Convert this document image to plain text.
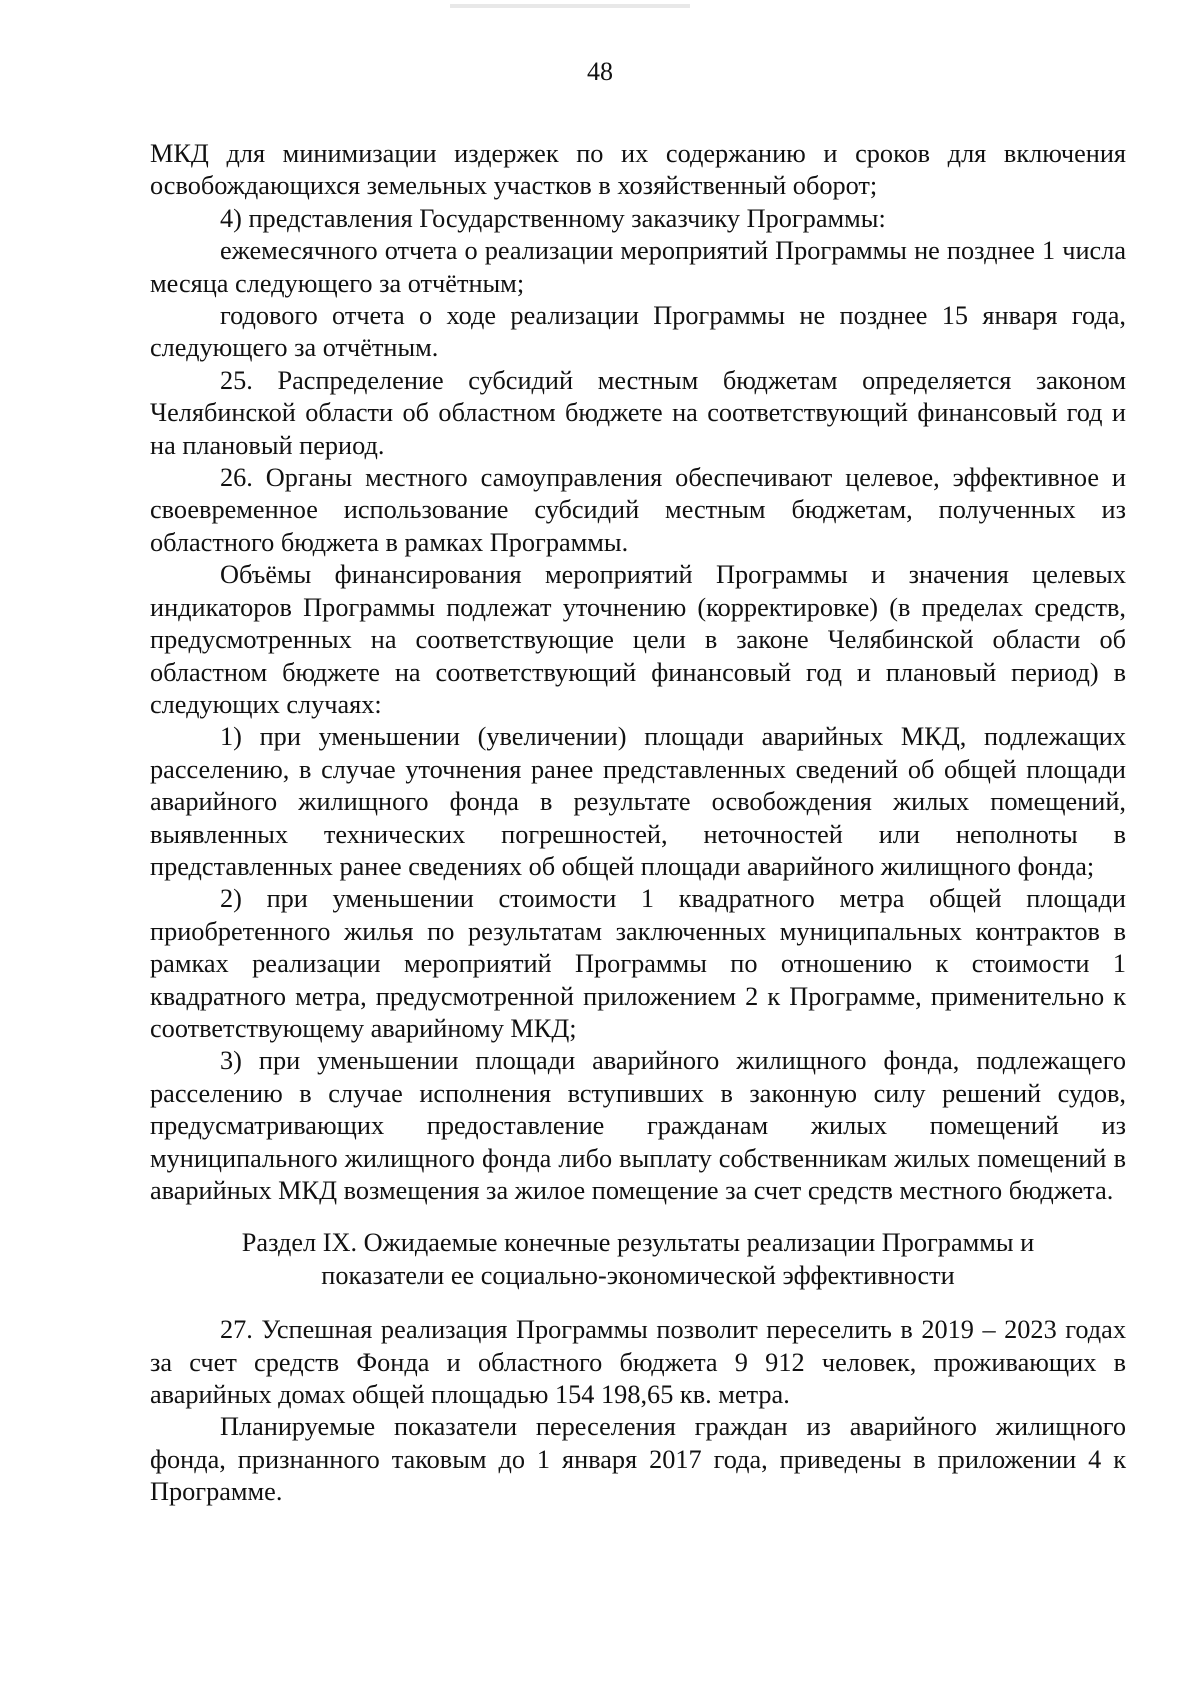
48

МКД для минимизации издержек по их содержанию и сроков для включения освобождающихся земельных участков в хозяйственный оборот;

4) представления Государственному заказчику Программы:

ежемесячного отчета о реализации мероприятий Программы не позднее 1 числа месяца следующего за отчётным;

годового отчета о ходе реализации Программы не позднее 15 января года, следующего за отчётным.

25. Распределение субсидий местным бюджетам определяется законом Челябинской области об областном бюджете на соответствующий финансовый год и на плановый период.

26. Органы местного самоуправления обеспечивают целевое, эффективное и своевременное использование субсидий местным бюджетам, полученных из областного бюджета в рамках Программы.

Объёмы финансирования мероприятий Программы и значения целевых индикаторов Программы подлежат уточнению (корректировке) (в пределах средств, предусмотренных на соответствующие цели в законе Челябинской области об областном бюджете на соответствующий финансовый год и плановый период) в следующих случаях:

1) при уменьшении (увеличении) площади аварийных МКД, подлежащих расселению, в случае уточнения ранее представленных сведений об общей площади аварийного жилищного фонда в результате освобождения жилых помещений, выявленных технических погрешностей, неточностей или неполноты в представленных ранее сведениях об общей площади аварийного жилищного фонда;

2) при уменьшении стоимости 1 квадратного метра общей площади приобретенного жилья по результатам заключенных муниципальных контрактов в рамках реализации мероприятий Программы по отношению к стоимости 1 квадратного метра, предусмотренной приложением 2 к Программе, применительно к соответствующему аварийному МКД;

3) при уменьшении площади аварийного жилищного фонда, подлежащего расселению в случае исполнения вступивших в законную силу решений судов, предусматривающих предоставление гражданам жилых помещений из муниципального жилищного фонда либо выплату собственникам жилых помещений в аварийных МКД возмещения за жилое помещение за счет средств местного бюджета.

Раздел IX. Ожидаемые конечные результаты реализации Программы и
показатели ее социально-экономической эффективности

27. Успешная реализация Программы позволит переселить в 2019 – 2023 годах за счет средств Фонда и областного бюджета 9 912 человек, проживающих в аварийных домах общей площадью 154 198,65 кв. метра.

Планируемые показатели переселения граждан из аварийного жилищного фонда, признанного таковым до 1 января 2017 года, приведены в приложении 4 к Программе.
